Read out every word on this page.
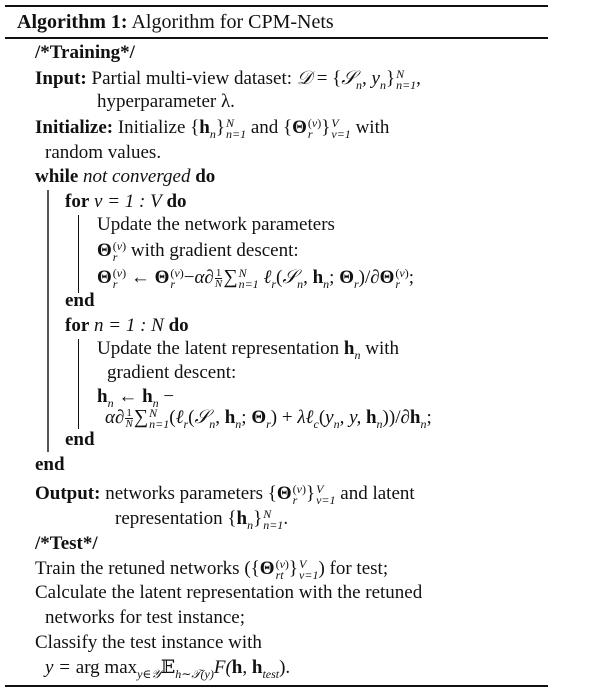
Algorithm 1: Algorithm for CPM-Nets
/*Training*/
Input: Partial multi-view dataset: 𝒟 = {𝒮$_n$, $y_n$} N
n=1 ,
hyperparameter λ.
Initialize: Initialize $\{h_n\}$ N
n=1 and {Θ (v)
r } V
v=1 with
random values.
while not converged do
for v = 1 : V do
Update the network parameters
Θ (v)
r with gradient descent:
Θ (v)
r ← Θ (v)
$r -\alpha\partial \frac{1}{N}$ ∑ N
n=1 ℓ$_r$(𝒮$_n$, $h_n$; $\Theta_r)/\partial\Theta$ (v)
r ;
end
for n = 1 : N do
Update the latent representation $h_n$ with
gradient descent:
$h_n$ ← $h_n$ −
$\alpha\partial \frac{1}{N}$ ∑ N
n=1 (ℓ$_r$(𝒮$_n$, $h_n$; $\Theta_r$) + $\lambda\ell_c(y_n$, y, $h_n))/\partial h_n$;
end
end
Output: networks parameters {Θ (v)
r } V
v=1 and latent
representation $\{h_n\}$ N
n=1 .
/*Test*/
Train the retuned networks ({Θ (v)
rt } V
v=1 ) for test;
Calculate the latent representation with the retuned
networks for test instance;
Classify the test instance with
y = arg $\max_{y\in 𝒴}𝔼_{h\sim 𝒯(y)}F(h$, $h_{test}$).
